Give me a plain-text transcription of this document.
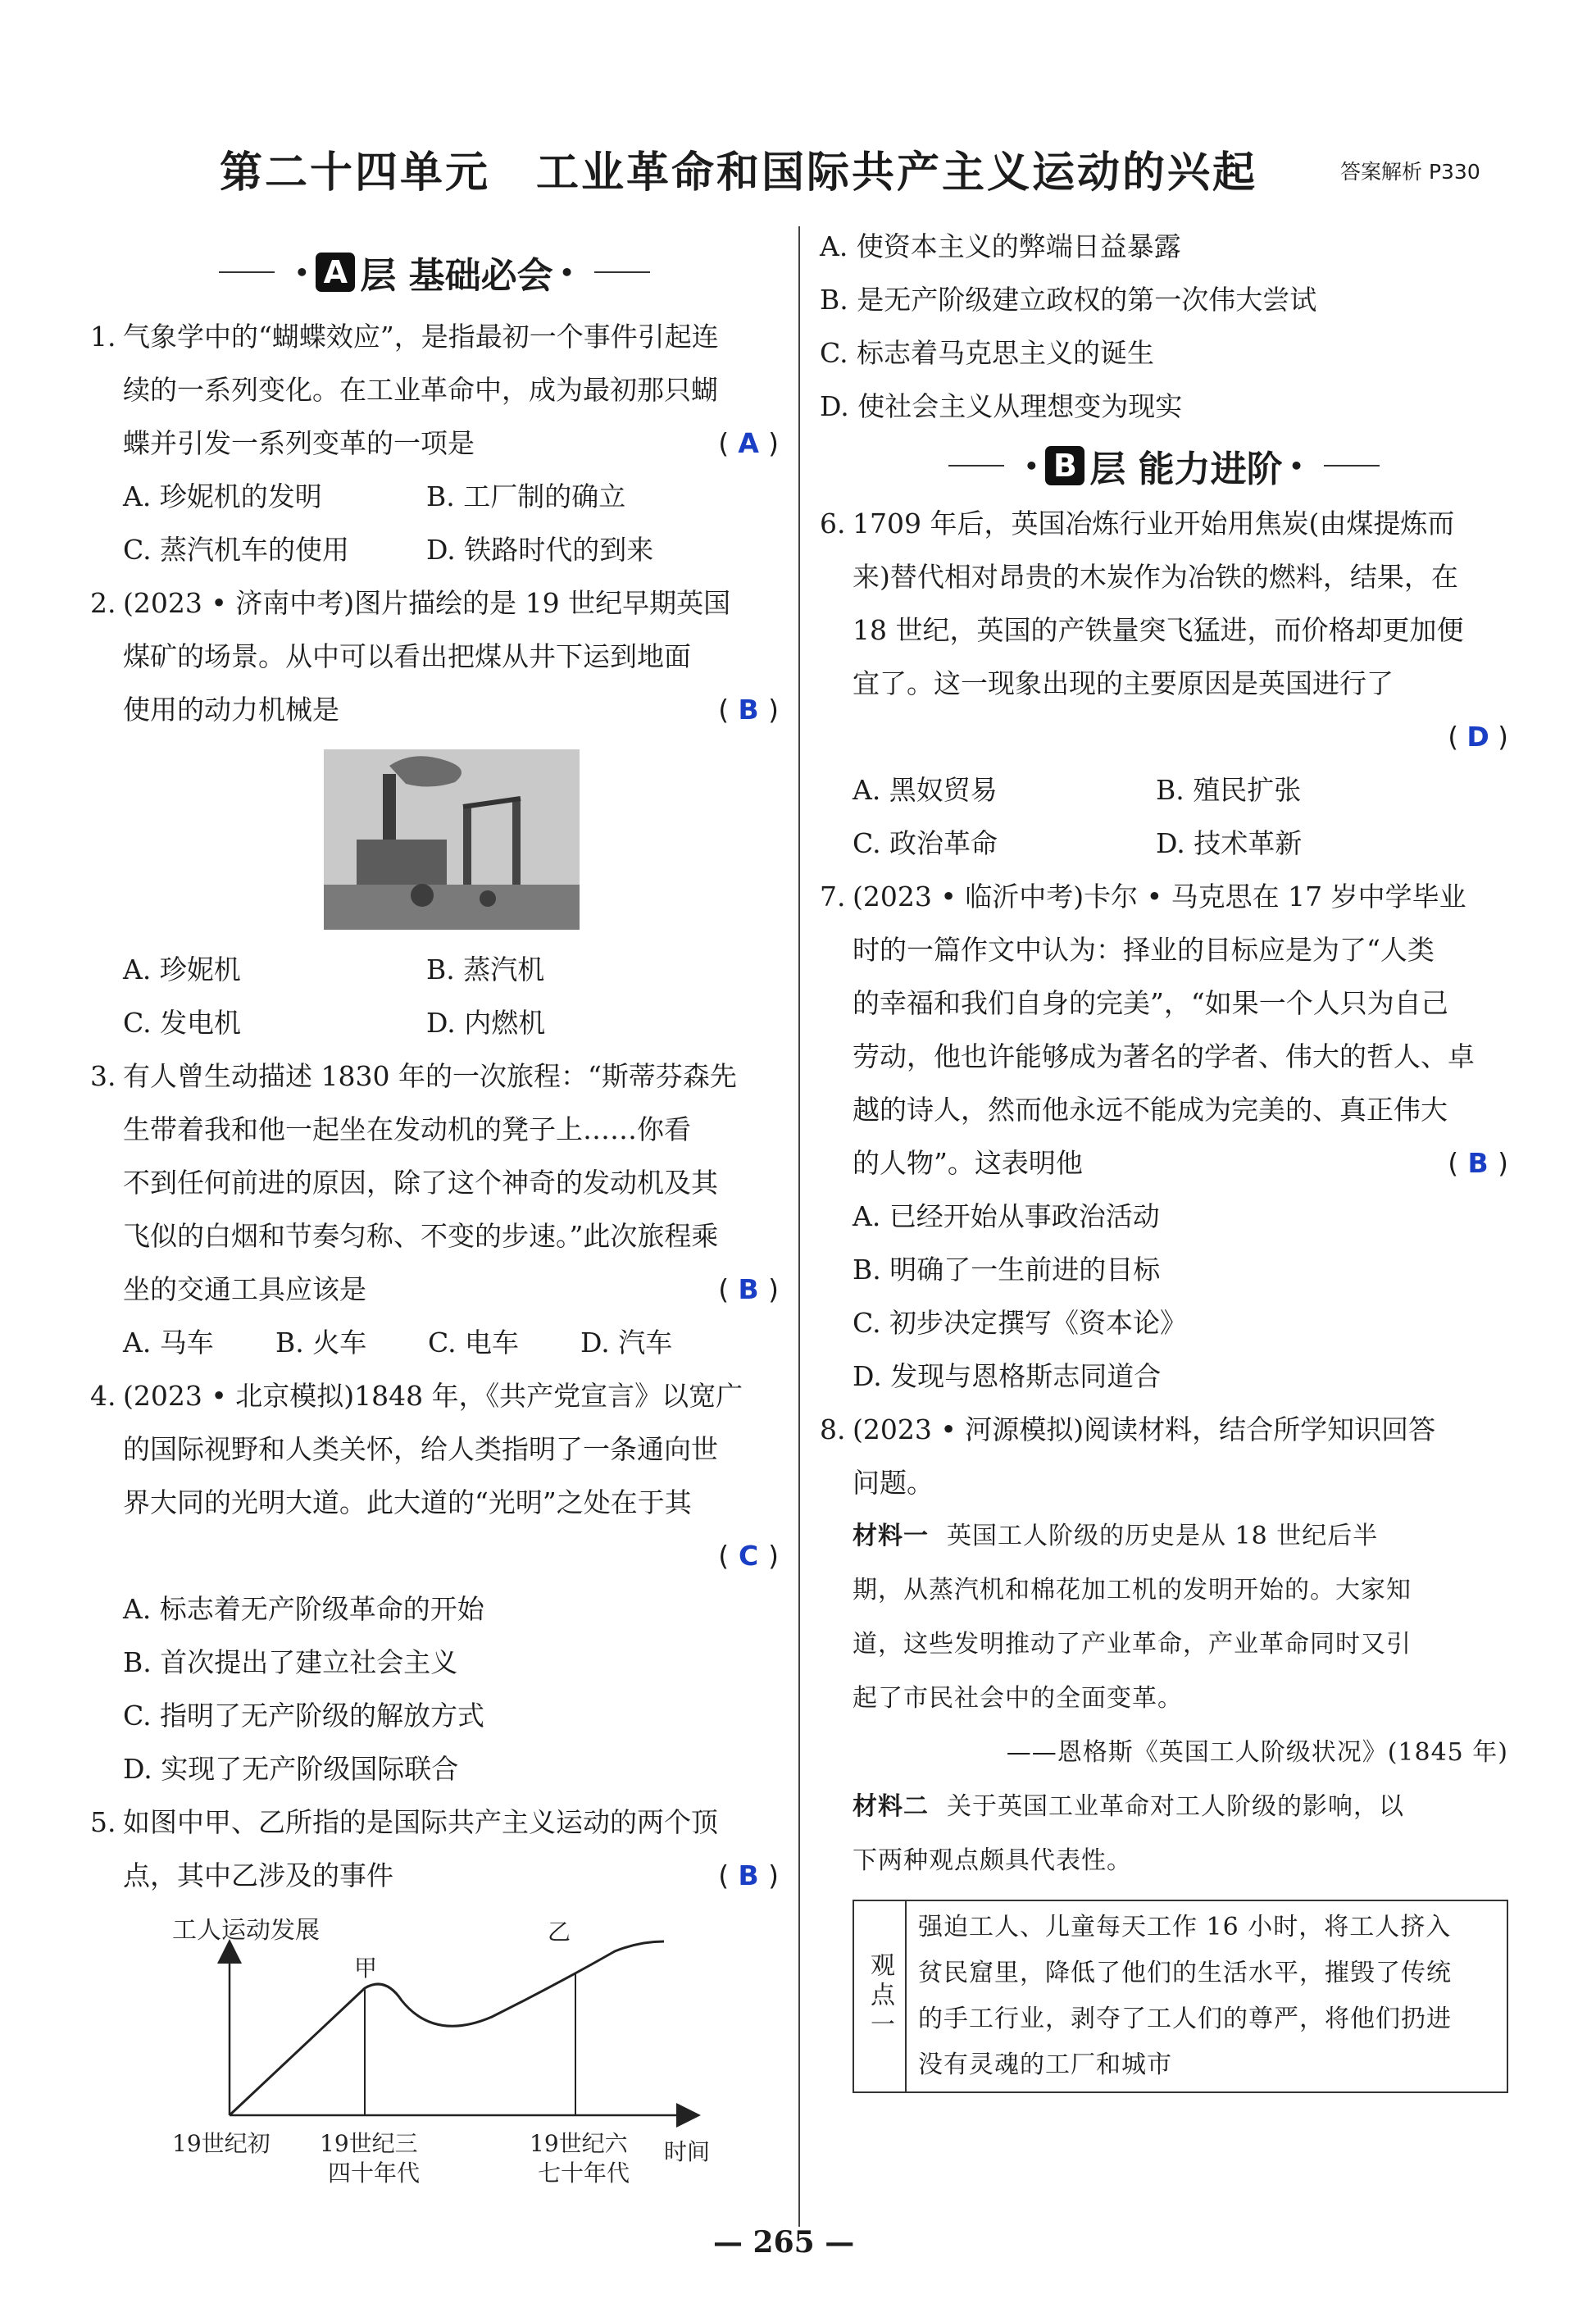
第二十四单元 工业革命和国际共产主义运动的兴起	答案解析 P330
• A 层 基础必会 •
1. 气象学中的“蝴蝶效应”，是指最初一个事件引起连
续的一系列变化。在工业革命中，成为最初那只蝴
蝶并引发一系列变革的一项是	( A )
A. 珍妮机的发明	B. 工厂制的确立
C. 蒸汽机车的使用	D. 铁路时代的到来
2. (2023 • 济南中考)图片描绘的是 19 世纪早期英国
煤矿的场景。从中可以看出把煤从井下运到地面
使用的动力机械是	( B )
A. 珍妮机	B. 蒸汽机
C. 发电机	D. 内燃机
3. 有人曾生动描述 1830 年的一次旅程：“斯蒂芬森先
生带着我和他一起坐在发动机的凳子上……你看
不到任何前进的原因，除了这个神奇的发动机及其
飞似的白烟和节奏匀称、不变的步速。”此次旅程乘
坐的交通工具应该是	( B )
A. 马车	B. 火车	C. 电车	D. 汽车
4. (2023 • 北京模拟)1848 年，《共产党宣言》以宽广
的国际视野和人类关怀，给人类指明了一条通向世
界大同的光明大道。此大道的“光明”之处在于其
( C )
A. 标志着无产阶级革命的开始
B. 首次提出了建立社会主义
C. 指明了无产阶级的解放方式
D. 实现了无产阶级国际联合
5. 如图中甲、乙所指的是国际共产主义运动的两个顶
点，其中乙涉及的事件	( B )
工人运动发展
甲
乙
19世纪初 19世纪三
四十年代
19世纪六
七十年代
时间
A. 使资本主义的弊端日益暴露
B. 是无产阶级建立政权的第一次伟大尝试
C. 标志着马克思主义的诞生
D. 使社会主义从理想变为现实
• B 层 能力进阶 •
6. 1709 年后，英国冶炼行业开始用焦炭(由煤提炼而
来)替代相对昂贵的木炭作为冶铁的燃料，结果，在
18 世纪，英国的产铁量突飞猛进，而价格却更加便
宜了。这一现象出现的主要原因是英国进行了
( D )
A. 黑奴贸易	B. 殖民扩张
C. 政治革命	D. 技术革新
7. (2023 • 临沂中考)卡尔 • 马克思在 17 岁中学毕业
时的一篇作文中认为：择业的目标应是为了“人类
的幸福和我们自身的完美”，“如果一个人只为自己
劳动，他也许能够成为著名的学者、伟大的哲人、卓
越的诗人，然而他永远不能成为完美的、真正伟大
的人物”。这表明他	( B )
A. 已经开始从事政治活动
B. 明确了一生前进的目标
C. 初步决定撰写《资本论》
D. 发现与恩格斯志同道合
8. (2023 • 河源模拟)阅读材料，结合所学知识回答
问题。
材料一 英国工人阶级的历史是从 18 世纪后半
期，从蒸汽机和棉花加工机的发明开始的。大家知
道，这些发明推动了产业革命，产业革命同时又引
起了市民社会中的全面变革。
——恩格斯《英国工人阶级状况》(1845 年)
材料二 关于英国工业革命对工人阶级的影响，以
下两种观点颇具代表性。
观点一
强迫工人、儿童每天工作 16 小时，将工人挤入
贫民窟里，降低了他们的生活水平，摧毁了传统
的手工行业，剥夺了工人们的尊严，将他们扔进
没有灵魂的工厂和城市
— 265 —
